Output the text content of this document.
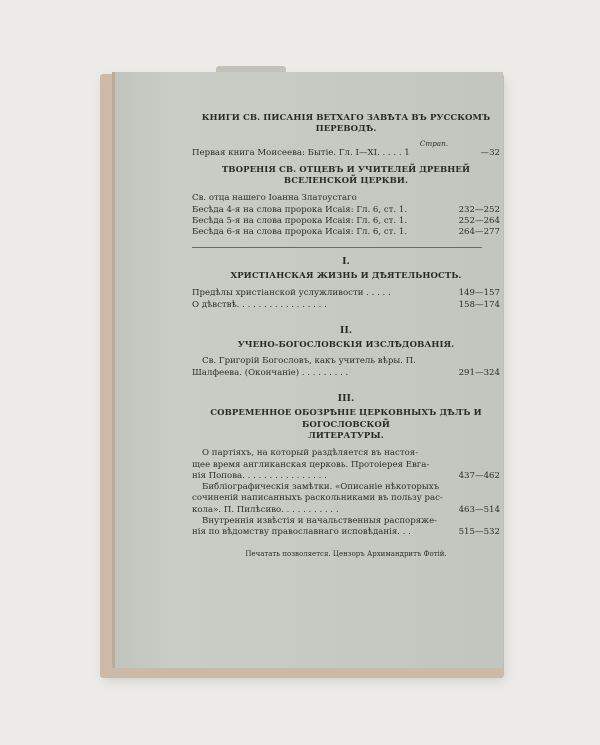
КНИГИ СВ. ПИСАНІЯ ВЕТХАГО ЗАВѢТА ВЪ РУССКОМЪ ПЕРЕВОДѢ.
Страп.
Первая книга Моисеева: Бытіе. Гл. I—XI. . . . . 1	—32
ТВОРЕНІЯ СВ. ОТЦЕВЪ И УЧИТЕЛЕЙ ДРЕВНЕЙ ВСЕЛЕНСКОЙ ЦЕРКВИ.
Св. отца нашего Іоанна Златоустаго
Бесѣда 4-я на слова пророка Исаія: Гл. 6, ст. 1.	232—252
Бесѣда 5-я на слова пророка Исаія: Гл. 6, ст. 1.	252—264
Бесѣда 6-я на слова пророка Исаія: Гл. 6, ст. 1.	264—277
I.
ХРИСТІАНСКАЯ ЖИЗНЬ И ДѢЯТЕЛЬНОСТЬ.
Предѣлы христіанской услужливости . . . . .	149—157
О дѣвствѣ. . . . . . . . . . . . . . . . .	158—174
II.
УЧЕНО-БОГОСЛОВСКІЯ ИЗСЛѢДОВАНІЯ.
Св. Григорій Богословъ, какъ учитель вѣры. П.
Шалфеева. (Окончаніе) . . . . . . . . .	291—324
III.
СОВРЕМЕННОЕ ОБОЗРѢНІЕ ЦЕРКОВНЫХЪ ДѢЛЪ И БОГОСЛОВСКОЙ
ЛИТЕРАТУРЫ.
О партіяхъ, на который раздѣляется въ настоя-
щее время англиканская церковь. Протоіерея Евга-
нія Попова. . . . . . . . . . . . . . . .	437—462
Библіографическія замѣтки. «Описаніе нѣкоторыхъ
сочиненій написанныхъ раскольниками въ пользу рас-
кола». П. Пилѣсиво. . . . . . . . . . .	463—514
Внутреннія извѣстія и начальственныя распоряже-
нія по вѣдомству православнаго исповѣданія. . .	515—532
Печатать позволяется. Цензоръ Архимандритъ Фотій.
